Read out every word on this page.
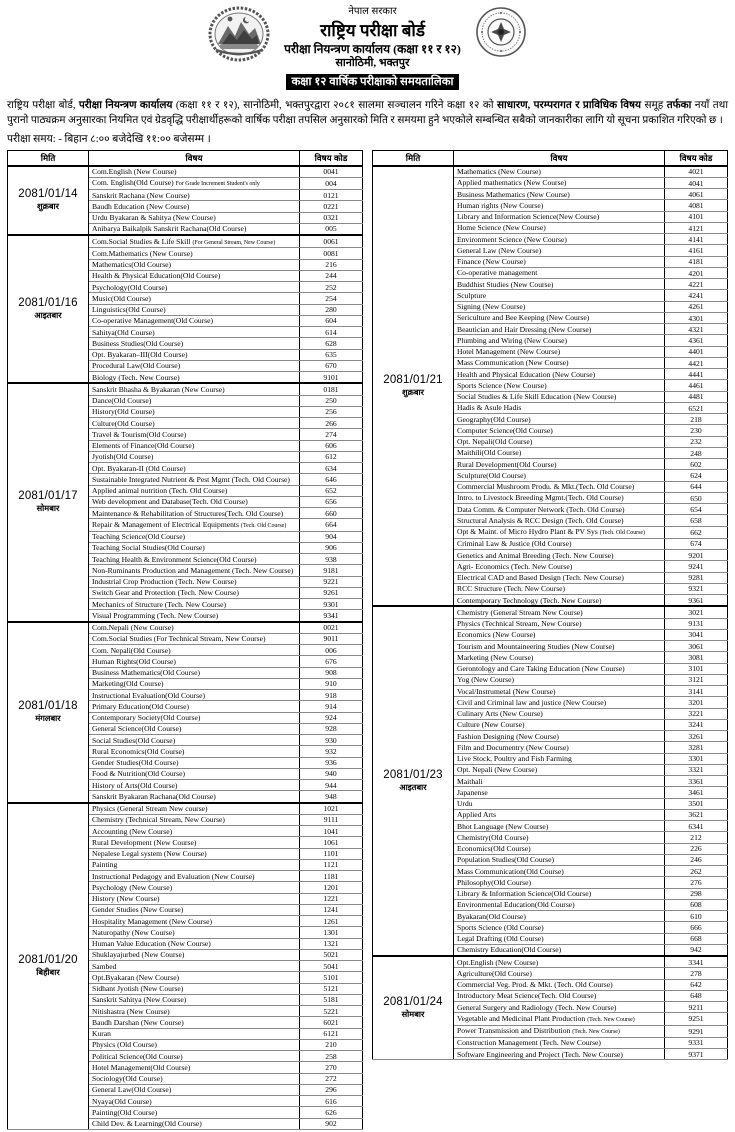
नेपाल सरकार
राष्ट्रिय परीक्षा बोर्ड
परीक्षा नियन्त्रण कार्यालय (कक्षा ११ र १२)
सानोठिमी, भक्तपुर
कक्षा १२ वार्षिक परीक्षाको समयतालिका

राष्ट्रिय परीक्षा बोर्ड, परीक्षा नियन्त्रण कार्यालय (कक्षा ११ र १२), सानोठिमी, भक्तपुरद्वारा २०८१ सालमा सञ्चालन गरिने कक्षा १२ को साधारण, परम्परागत र प्राविधिक विषय समूह तर्फका नयाँ तथा पुरानो पाठ्यक्रम अनुसारका नियमित एवं ग्रेडवृद्धि परीक्षार्थीहरूको वार्षिक परीक्षा तपसिल अनुसारको मिति र समयमा हुने भएकोले सम्बन्धित सबैको जानकारीका लागि यो सूचना प्रकाशित गरिएको छ ।

परीक्षा समय: - बिहान ८:०० बजेदेखि ११:०० बजेसम्म ।
मिति	विषय	विषय कोड

2081/01/14
शुक्रबार	Com.English (New Course)	0041
	Com. English(Old Course) For Grade Increment Student's only	004
	Sanskrit Rachana (New Course)	0121
	Baudh Education (New Course)	0221
	Urdu Byakaran & Sahitya (New Course)	0321
	Anibarya Baikalpik Sanskrit Rachana(Old Course)	005

2081/01/16
आइतबार	Com.Social Studies & Life Skill (For General Stream, New Course)	0061
	Com.Mathematics (New Course)	0081
	Mathematics(Old Course)	216
	Health & Physical Education(Old Course)	244
	Psychology(Old Course)	252
	Music(Old Course)	254
	Linguistics(Old Course)	280
	Co-operative Management(Old Course)	604
	Sahitya(Old Course)	614
	Business Studies(Old Course)	628
	Opt. Byakaran–III(Old Course)	635
	Procedural Law(Old Course)	670
	Biology (Tech. New Course)	9101

2081/01/17
सोमबार	Sanskrit Bhasha & Byakaran (New Course)	0181
	Dance(Old Course)	250
	History(Old Course)	256
	Culture(Old Course)	266
	Travel & Tourism(Old Course)	274
	Elements of Finance(Old Course)	606
	Jyotish(Old Course)	612
	Opt. Byakaran-II (Old Course)	634
	Sustainable Integrated Nutrient & Pest Mgmt (Tech. Old Course)	646
	Applied animal nutrition (Tech. Old Course)	652
	Web development and Database(Tech. Old Course)	656
	Maintenance & Rehabilitation of Structures(Tech. Old Course)	660
	Repair & Management of Electrical Equipments (Tech. Old Course)	664
	Teaching Science(Old Course)	904
	Teaching Social Studies(Old Course)	906
	Teaching Health & Environment Science(Old Course)	938
	Non-Ruminants Production and Management (Tech. New Course)	9181
	Industrial Crop Production (Tech. New Course)	9221
	Switch Gear and Protection (Tech. New Course)	9261
	Mechanics of Structure (Tech. New Course)	9301
	Visual Programming (Tech. New Course)	9341

2081/01/18
मंगलबार	Com.Nepali (New Course)	0021
	Com.Social Studies (For Technical Stream, New Course)	9011
	Com. Nepali(Old Course)	006
	Human Rights(Old Course)	676
	Business Mathematics(Old Course)	908
	Marketing(Old Course)	910
	Instructional Evaluation(Old Course)	918
	Primary Education(Old Course)	914
	Contemporary Society(Old Course)	924
	General Science(Old Course)	928
	Social Studies(Old Course)	930
	Rural Economics(Old Course)	932
	Gender Studies(Old Course)	936
	Food & Nutrition(Old Course)	940
	History of Arts(Old Course)	944
	Sanskrit Byakaran Rachana(Old Course)	948

2081/01/20
बिहीबार	Physics (General Stream New course)	1021
	Chemistry (Technical Stream, New Course)	9111
	Accounting (New Course)	1041
	Rural Development (New Course)	1061
	Nepalese Legal system (New Course)	1101
	Painting	1121
	Instructional Pedagogy and Evaluation (New Course)	1181
	Psychology (New Course)	1201
	History (New Course)	1221
	Gender Studies (New Course)	1241
	Hospitality Management (New Course)	1261
	Naturopathy (New Course)	1301
	Human Value Education (New Course)	1321
	Shuklayajurbed (New Course)	5021
	Sambed	5041
	Opt.Byakaran (New Course)	5101
	Sidhant Jyotish (New Course)	5121
	Sanskrit Sahitya (New Course)	5181
	Nitishastra (New Course)	5221
	Baudh Darshan (New Course)	6021
	Kuran	6121
	Physics (Old Course)	210
	Political Science(Old Course)	258
	Hotel Management(Old Course)	270
	Sociology(Old Course)	272
	General Law(Old Course)	296
	Nyaya(Old Course)	616
	Painting(Old Course)	626
	Child Dev. & Learning(Old Course)	902
मिति	विषय	विषय कोड

2081/01/21
शुक्रबार	Mathematics (New Course)	4021
	Applied mathematics (New Course)	4041
	Business Mathematics (New Course)	4061
	Human rights (New Course)	4081
	Library and Information Science(New Course)	4101
	Home Science (New Course)	4121
	Environment Science (New Course)	4141
	General Law (New Course)	4161
	Finance (New Course)	4181
	Co-operative management	4201
	Buddhist Studies (New Course)	4221
	Sculpture	4241
	Signing (New Course)	4261
	Sericulture and Bee Keeping (New Course)	4301
	Beautician and Hair Dressing (New Course)	4321
	Plumbing and Wiring (New Course)	4361
	Hotel Management (New Course)	4401
	Mass Communication (New Course)	4421
	Health and Physical Education (New Course)	4441
	Sports Science (New Course)	4461
	Social Studies & Life Skill Education (New Course)	4481
	Hadis & Asule Hadis	6521
	Geography(Old Course)	218
	Computer Science(Old Course)	230
	Opt. Nepali(Old Course)	232
	Maithili(Old Course)	248
	Rural Development(Old Course)	602
	Sculpture(Old Course)	624
	Commercial Mushroom Produ. & Mkt.(Tech. Old Course)	644
	Intro. to Livestock Breeding Mgmt.(Tech. Old Course)	650
	Data Comm. & Computer Network (Tech. Old Course)	654
	Structural Analysis & RCC Design (Tech. Old Course)	658
	Opt & Maint. of Micro Hydro Plant & PV Sys (Tech. Old Course)	662
	Criminal Law & Justice (Old Course)	674
	Genetics and Animal Breeding (Tech. New Course)	9201
	Agri- Economics (Tech. New Course)	9241
	Electrical CAD and Based Design (Tech. New Course)	9281
	RCC Structure (Tech. New Course)	9321
	Contemporary Technology (Tech. New Course)	9361

2081/01/23
आइतबार	Chemistry (General Stream New Course)	3021
	Physics (Technical Stream, New Course)	9131
	Economics (New Course)	3041
	Tourism and Mountaineering Studies (New Course)	3061
	Marketing (New Course)	3081
	Gerontology and Care Taking Education (New Course)	3101
	Yog (New Course)	3121
	Vocal/Instrumetal (New Course)	3141
	Civil and Criminal law and justice (New Course)	3201
	Culinary Arts (New Course)	3221
	Culture (New Course)	3241
	Fashion Designing (New Course)	3261
	Film and Documentry (New Course)	3281
	Live Stock, Poultry and Fish Farming	3301
	Opt. Nepali (New Course)	3321
	Maithali	3361
	Japanense	3461
	Urdu	3501
	Applied Arts	3621
	Bhot Language (New Course)	6341
	Chemistry(Old Course)	212
	Economics(Old Course)	226
	Population Studies(Old Course)	246
	Mass Communication(Old Course)	262
	Philosophy(Old Course)	276
	Library & Information Science(Old Course)	298
	Environmental Education(Old Course)	608
	Byakaran(Old Course)	610
	Sports Science (Old Course)	666
	Legal Drafting (Old Course)	668
	Chemistry Education(Old Course)	942

2081/01/24
सोमबार	Opt.English (New Course)	3341
	Agriculture(Old Course)	278
	Commercial Veg. Prod. & Mkt. (Tech. Old Course)	642
	Introductory Meat Science(Tech. Old Course)	648
	General Surgery and Radiology (Tech. New Course)	9211
	Vegetable and Medicinal Plant Production (Tech. New Course)	9251
	Power Transmission and Distribution (Tech. New Course)	9291
	Construction Management (Tech. New Course)	9331
	Software Engineering and Project (Tech. New Course)	9371
